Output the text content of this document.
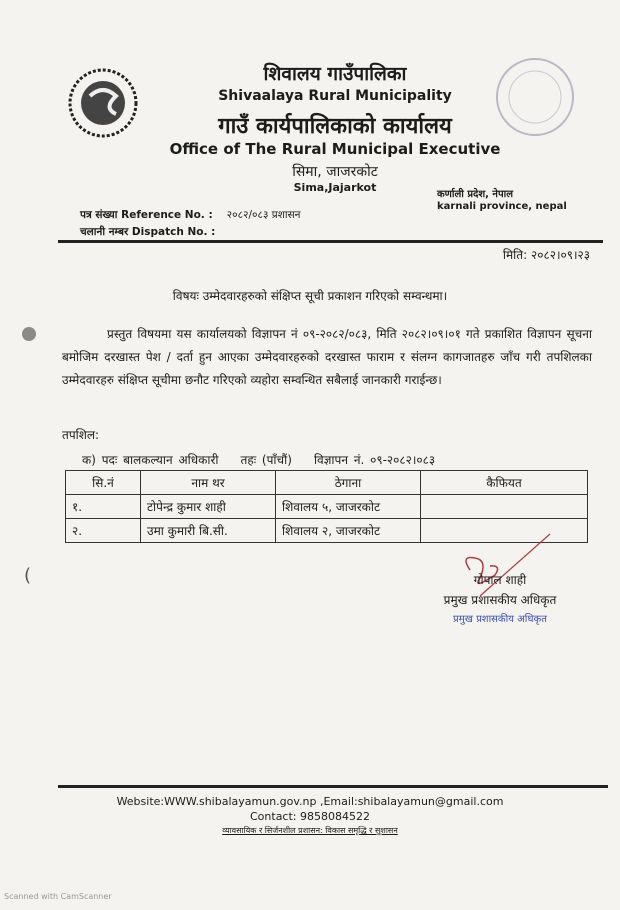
(
शिवालय गाउँपालिका
Shivaalaya Rural Municipality
गाउँ कार्यपालिकाको कार्यालय
Office of The Rural Municipal Executive
सिमा, जाजरकोट
Sima,Jajarkot
कर्णाली प्रदेश, नेपाल
karnali province, nepal
पत्र संख्या Reference No. : २०८२/०८३ प्रशासन
चलानी नम्बर Dispatch No. :
मिति: २०८२।०९।२३
विषयः उम्मेदवारहरुको संक्षिप्त सूची प्रकाशन गरिएको सम्वन्धमा।
प्रस्तुत विषयमा यस कार्यालयको विज्ञापन नं ०९-२०८२/०८३, मिति २०८२।०९।०१ गते प्रकाशित विज्ञापन सूचना बमोजिम दरखास्त पेश / दर्ता हुन आएका उम्मेदवारहरुको दरखास्त फाराम र संलग्न कागजातहरु जाँच गरी तपशिलका उम्मेदवारहरु संक्षिप्त सूचीमा छनौट गरिएको व्यहोरा सम्वन्धित सबैलाई जानकारी गराईन्छ।
तपशिल:
क) पदः बालकल्यान अधिकारी तहः (पाँचौं) विज्ञापन नं. ०९-२०८२।०८३
सि.नं	नाम थर	ठेगाना	कैफियत
१.	टोपेन्द्र कुमार शाही	शिवालय ५, जाजरकोट	
२.	उमा कुमारी बि.सी.	शिवालय २, जाजरकोट	
गोपाल शाही
प्रमुख प्रशासकीय अधिकृत
प्रमुख प्रशासकीय अधिकृत
Website:WWW.shibalayamun.gov.np ,Email:shibalayamun@gmail.com
Contact: 9858084522
व्यावसायिक र सिर्जनशील प्रशासन: विकास समृद्धि र सुशासन
Scanned with CamScanner
